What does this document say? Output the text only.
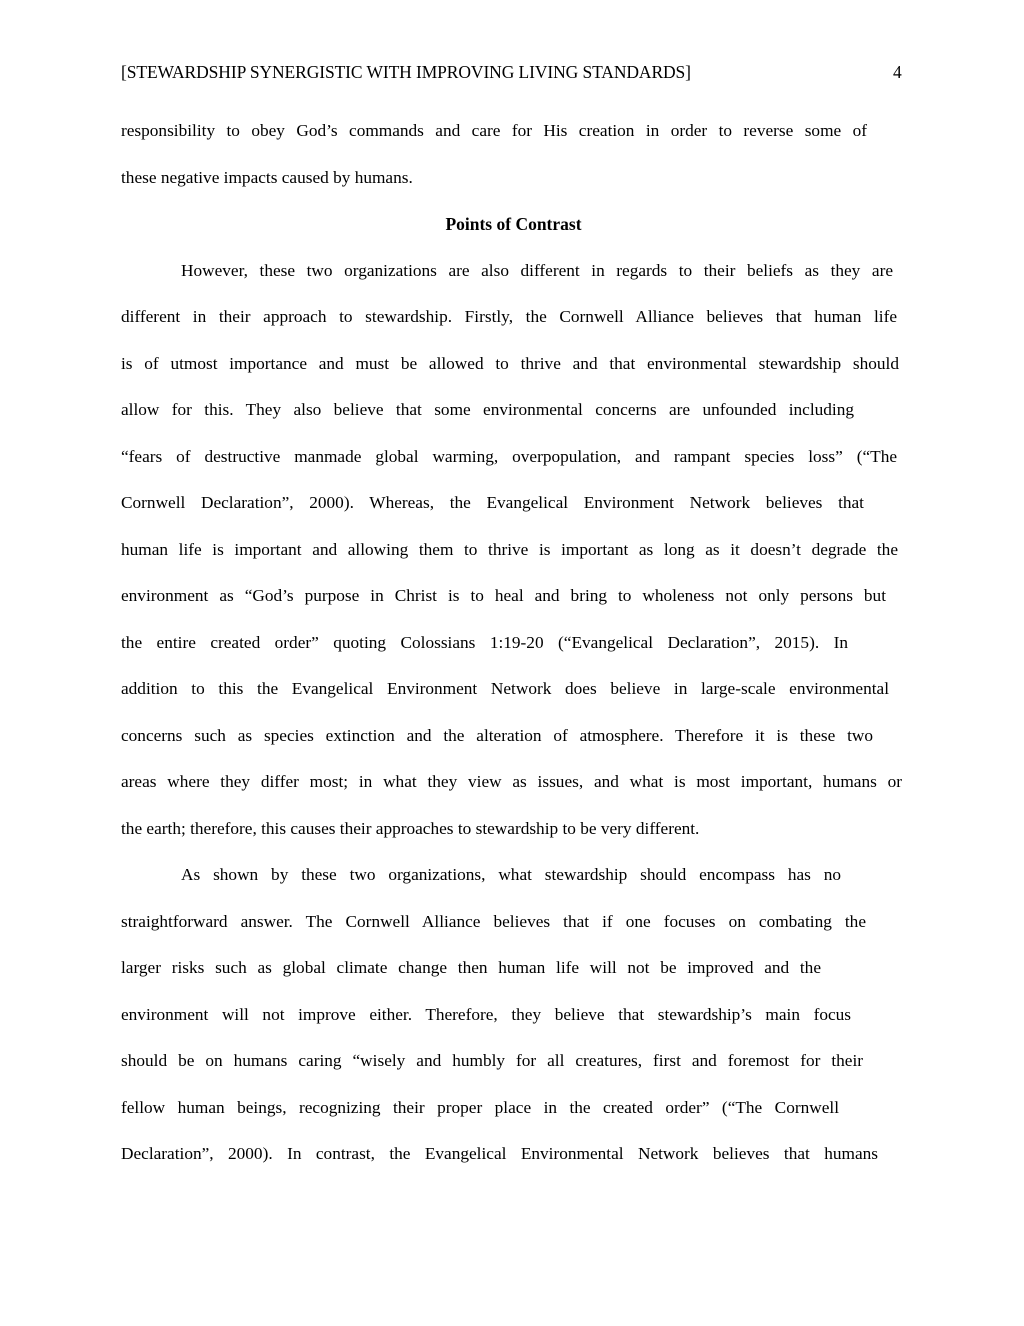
[STEWARDSHIP SYNERGISTIC WITH IMPROVING LIVING STANDARDS]	4
responsibility to obey God’s commands and care for His creation in order to reverse some of
these negative impacts caused by humans.
Points of Contrast
However, these two organizations are also different in regards to their beliefs as they are
different in their approach to stewardship. Firstly, the Cornwell Alliance believes that human life
is of utmost importance and must be allowed to thrive and that environmental stewardship should
allow for this. They also believe that some environmental concerns are unfounded including
“fears of destructive manmade global warming, overpopulation, and rampant species loss” (“The
Cornwell Declaration”, 2000). Whereas, the Evangelical Environment Network believes that
human life is important and allowing them to thrive is important as long as it doesn’t degrade the
environment as “God’s purpose in Christ is to heal and bring to wholeness not only persons but
the entire created order” quoting Colossians 1:19-20 (“Evangelical Declaration”, 2015). In
addition to this the Evangelical Environment Network does believe in large-scale environmental
concerns such as species extinction and the alteration of atmosphere. Therefore it is these two
areas where they differ most; in what they view as issues, and what is most important, humans or
the earth; therefore, this causes their approaches to stewardship to be very different.
As shown by these two organizations, what stewardship should encompass has no
straightforward answer. The Cornwell Alliance believes that if one focuses on combating the
larger risks such as global climate change then human life will not be improved and the
environment will not improve either. Therefore, they believe that stewardship’s main focus
should be on humans caring “wisely and humbly for all creatures, first and foremost for their
fellow human beings, recognizing their proper place in the created order” (“The Cornwell
Declaration”, 2000). In contrast, the Evangelical Environmental Network believes that humans
